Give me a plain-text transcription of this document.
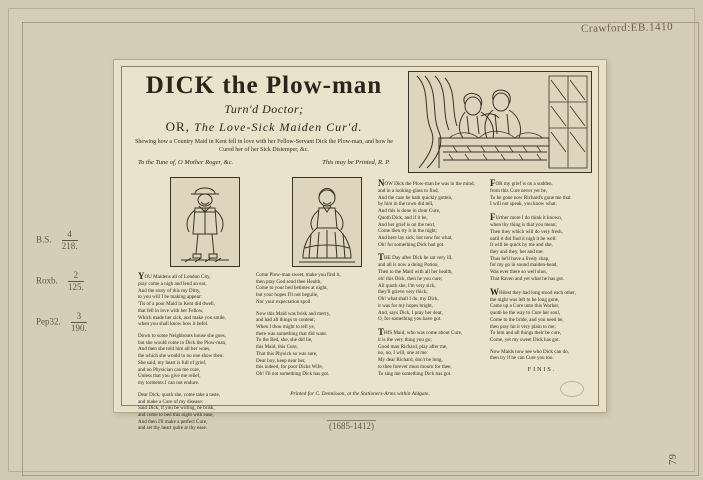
Crawford:EB.1410
B.S. $\frac{4}{218.}$
Roxb. $\frac{2}{125.}$
Pep32. $\frac{3}{190.}$
DICK the Plow-man
Turn'd Doctor;
OR, The Love-Sick Maiden Cur'd.
Shewing how a Country Maid in Kent fell in love with her Fellow-Servant Dick the Plow-man, and how he Cured her of her Sick Distemper, &c.
To the Tune of, O Mother Roger, &c.	This may be Printed, R. P.
YOU Maidens all of London City,
pray come a nigh and lend an ear,
And the story of this my Ditty,
to you will I be making appear:
'Tis of a poor Maid in Kent did dwell,
that fell in love with her Fellow,
Which made her sick, and make you smile,
when you shall know how it befel.
Down to some Neighbours house she goes,
but she would come to Dick the Plow-man,
And then she told him all her woes,
the which she would to no one show then:
She said, my heart is full of grief,
and no Physician can me cure,
Unless that you give me relief,
my torments I can not endure.
Dear Dick, quoth she, come take a taste,
and make a Cure of my disease:
Said Dick, if you be willing, be brisk,
and come to bed this night with ease,
And then I'll make a perfect Cure,
and set thy heart quite at thy ease.
Come Plow-man sweet, make you find it,
then pray God send thee Health,
Come to your bed betimes at night,
but your hopes I'll not beguile,
Nor your expectation spoil.
Now this Maid was brisk and merry,
and had all things to content;
When I thou might to tell ye,
there was something that did want.
To the Bed, she, she did lie,
this Maid, this Cure,
That this Physick so was sure,
Dear boy, keep near her,
this indeed, for poor Dicks Wife,
Oh! I'll not something Dick has got.
NOW Dick the Plow-man he was in the mind,
and in a looking-glass to find,
And the case he hath quickly gotten,
by him in the town did tell,
And this is done in clear Cure,
Quoth Dick, and if it be,
And her grief is on the next,
Come then try it in the night;
And here lay sick, but now for what,
Oh! for something Dick had got.
THE Day after Dick he sat very ill,
and all is now a doing Potion,
Then to the Maid with all her health,
oh! this Dick, then he you cure;
All quoth she, I'm very sick,
they'll grieve very thick;
Oh! what shall I do, my Dick,
it was for my hopes bright,
And, says Dick, I pray her dear,
O, for something you have got.
THIS Maid, who was come about Cure,
it is the very thing you go;
Good man Richard, play after me,
no, no, I will, one at me:
My dear Richard, don't be long,
to thee forever must mourn for thee,
To sing me something Dick has got.
FOR my grief is on a sudden,
from this Cure never yet be,
To be gone now Richard's gone me that
I will not speak, you know what.
FUrther more I do think it known,
when thy thing is that you mean;
Then they which will do very fresh,
until it did find it nigh it be well:
It will be quick by me and she,
they and they, her and me:
Thus he'll have a lively chap,
for my go in sound maiden-head,
Was ever there so well shot,
That Raven and yet what he has got.
WHilest they had long stood each other,
the night was left to be long gone,
Came up a Cure unto this Worker,
quoth he the way to Cure her soul,
Come to the bride, and you need be,
then pray hit it very plain to me;
To him and all things their be cure,
Come, yet my sweet Dick has got.
Now Maids now see who Dick can do,
then try if he can Cure you too.
FINIS.
Printed for C. Dennisson, at the Stationers-Arms within Aldgate.
(1685-1412)
79
